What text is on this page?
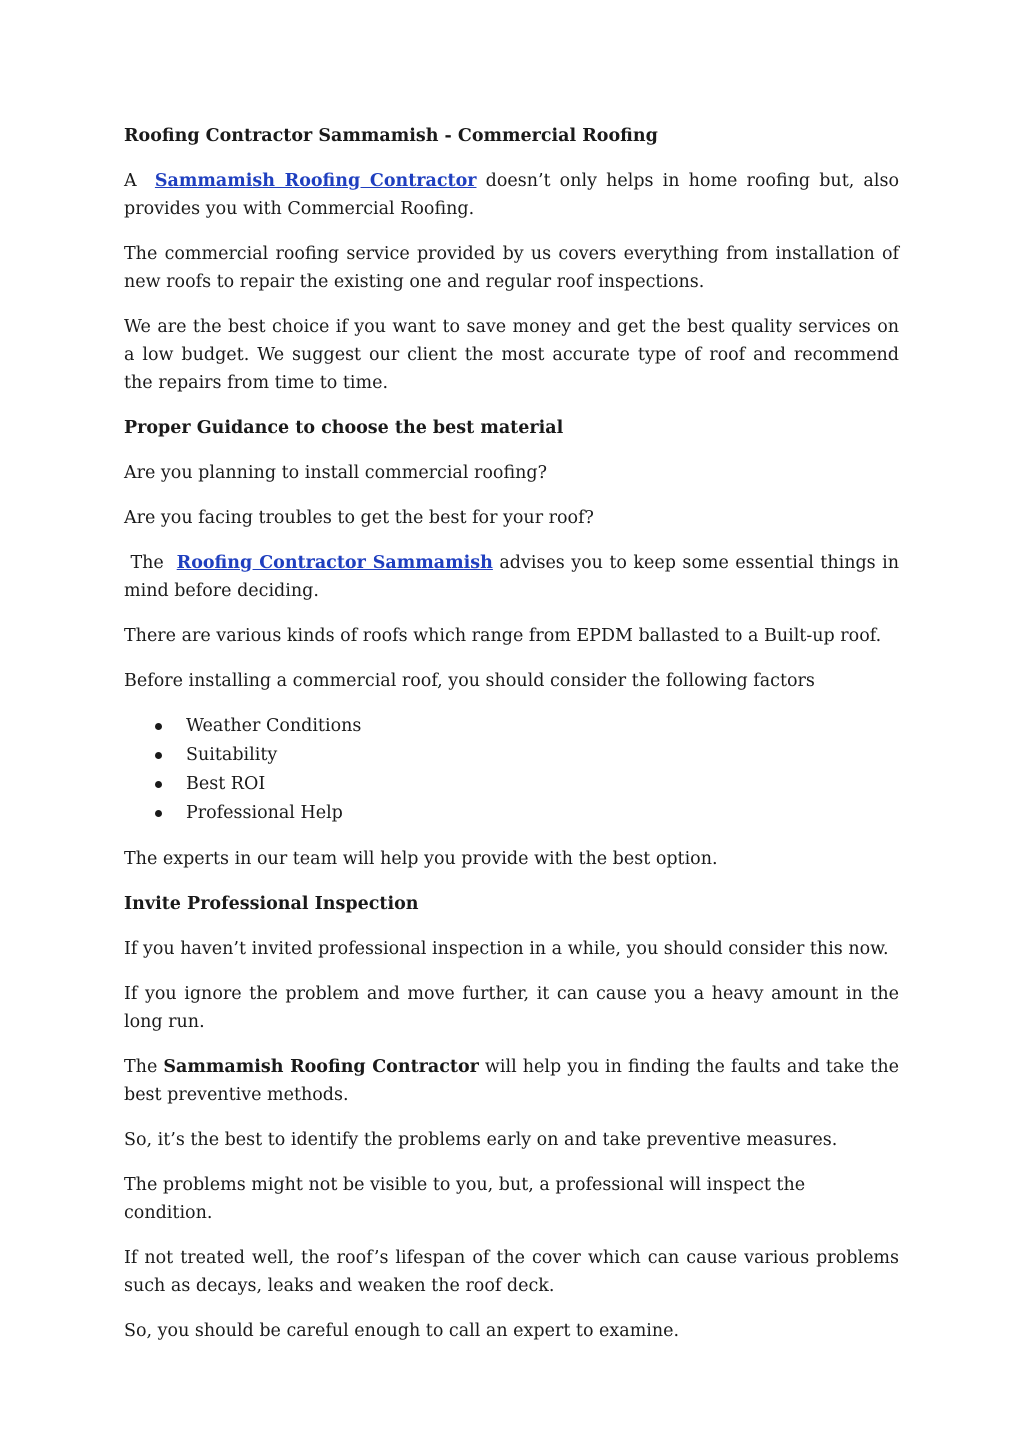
Roofing Contractor Sammamish - Commercial Roofing

A Sammamish Roofing Contractor doesn’t only helps in home roofing but, also provides you with Commercial Roofing.

The commercial roofing service provided by us covers everything from installation of new roofs to repair the existing one and regular roof inspections.

We are the best choice if you want to save money and get the best quality services on a low budget. We suggest our client the most accurate type of roof and recommend the repairs from time to time.

Proper Guidance to choose the best material

Are you planning to install commercial roofing?

Are you facing troubles to get the best for your roof?

The Roofing Contractor Sammamish advises you to keep some essential things in mind before deciding.

There are various kinds of roofs which range from EPDM ballasted to a Built-up roof.

Before installing a commercial roof, you should consider the following factors

Weather Conditions
Suitability
Best ROI
Professional Help

The experts in our team will help you provide with the best option.

Invite Professional Inspection

If you haven’t invited professional inspection in a while, you should consider this now.

If you ignore the problem and move further, it can cause you a heavy amount in the long run.

The Sammamish Roofing Contractor will help you in finding the faults and take the best preventive methods.

So, it’s the best to identify the problems early on and take preventive measures.

The problems might not be visible to you, but, a professional will inspect the condition.

If not treated well, the roof’s lifespan of the cover which can cause various problems such as decays, leaks and weaken the roof deck.

So, you should be careful enough to call an expert to examine.
